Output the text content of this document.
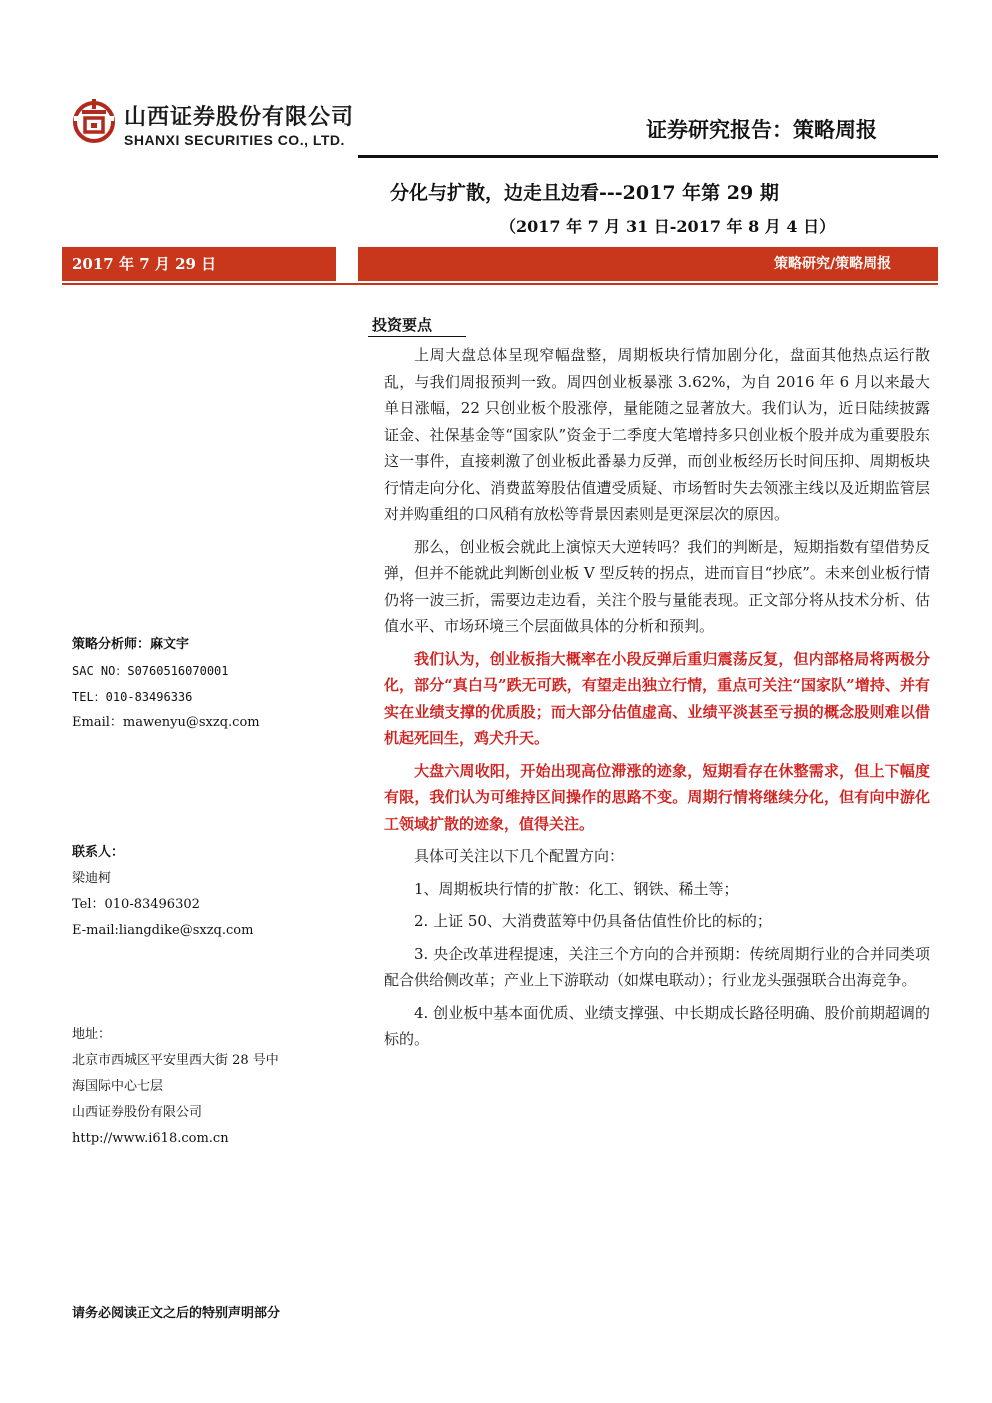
山西证券股份有限公司
SHANXI SECURITIES CO., LTD.	证券研究报告：策略周报
分化与扩散，边走且边看---2017 年第 29 期
（2017 年 7 月 31 日-2017 年 8 月 4 日）
2017 年 7 月 29 日	策略研究/策略周报
策略分析师：麻文宇
SAC NO：S0760516070001
TEL：010-83496336
Email：mawenyu@sxzq.com
联系人：
梁迪柯
Tel：010-83496302
E-mail:liangdike@sxzq.com
地址：
北京市西城区平安里西大街 28 号中
海国际中心七层
山西证券股份有限公司
http://www.i618.com.cn
投资要点

上周大盘总体呈现窄幅盘整，周期板块行情加剧分化，盘面其他热点运行散乱，与我们周报预判一致。周四创业板暴涨 3.62%，为自 2016 年 6 月以来最大单日涨幅，22 只创业板个股涨停，量能随之显著放大。我们认为，近日陆续披露证金、社保基金等“国家队”资金于二季度大笔增持多只创业板个股并成为重要股东这一事件，直接刺激了创业板此番暴力反弹，而创业板经历长时间压抑、周期板块行情走向分化、消费蓝筹股估值遭受质疑、市场暂时失去领涨主线以及近期监管层对并购重组的口风稍有放松等背景因素则是更深层次的原因。

那么，创业板会就此上演惊天大逆转吗？我们的判断是，短期指数有望借势反弹，但并不能就此判断创业板 V 型反转的拐点，进而盲目“抄底”。未来创业板行情仍将一波三折，需要边走边看，关注个股与量能表现。正文部分将从技术分析、估值水平、市场环境三个层面做具体的分析和预判。

我们认为，创业板指大概率在小段反弹后重归震荡反复，但内部格局将两极分化，部分“真白马”跌无可跌，有望走出独立行情，重点可关注“国家队”增持、并有实在业绩支撑的优质股；而大部分估值虚高、业绩平淡甚至亏损的概念股则难以借机起死回生，鸡犬升天。

大盘六周收阳，开始出现高位滞涨的迹象，短期看存在休整需求，但上下幅度有限，我们认为可维持区间操作的思路不变。周期行情将继续分化，但有向中游化工领域扩散的迹象，值得关注。

具体可关注以下几个配置方向：

1、周期板块行情的扩散：化工、钢铁、稀土等；

2. 上证 50、大消费蓝筹中仍具备估值性价比的标的；

3. 央企改革进程提速，关注三个方向的合并预期：传统周期行业的合并同类项配合供给侧改革；产业上下游联动（如煤电联动）；行业龙头强强联合出海竞争。

4. 创业板中基本面优质、业绩支撑强、中长期成长路径明确、股价前期超调的标的。

请务必阅读正文之后的特别声明部分
